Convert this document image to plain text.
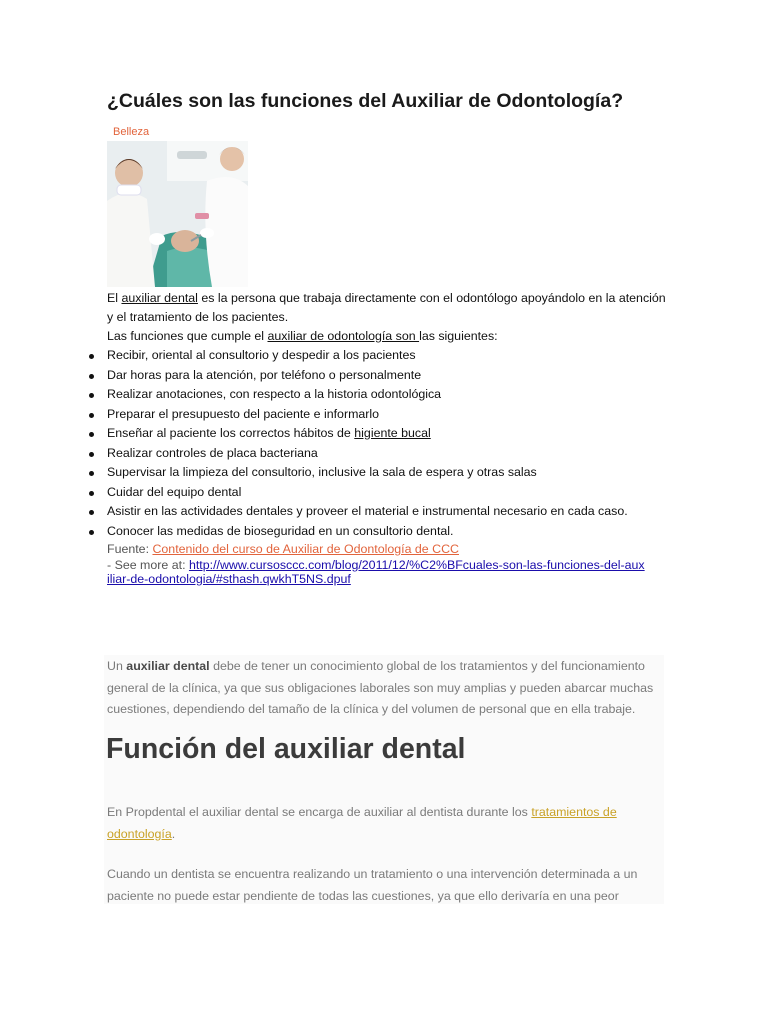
¿Cuáles son las funciones del Auxiliar de Odontología?
Belleza

El auxiliar dental es la persona que trabaja directamente con el odontólogo apoyándolo en la atención y el tratamiento de los pacientes.

Las funciones que cumple el auxiliar de odontología son las siguientes:

Recibir, oriental al consultorio y despedir a los pacientes
Dar horas para la atención, por teléfono o personalmente
Realizar anotaciones, con respecto a la historia odontológica
Preparar el presupuesto del paciente e informarlo
Enseñar al paciente los correctos hábitos de higiente bucal
Realizar controles de placa bacteriana
Supervisar la limpieza del consultorio, inclusive la sala de espera y otras salas
Cuidar del equipo dental
Asistir en las actividades dentales y proveer el material e instrumental necesario en cada caso.
Conocer las medidas de bioseguridad en un consultorio dental.
Fuente: Contenido del curso de Auxiliar de Odontología de CCC
- See more at: http://www.cursosccc.com/blog/2011/12/%C2%BFcuales-son-las-funciones-del-auxiliar-de-odontologia/#sthash.qwkhT5NS.dpuf

Un auxiliar dental debe de tener un conocimiento global de los tratamientos y del funcionamiento general de la clínica, ya que sus obligaciones laborales son muy amplias y pueden abarcar muchas cuestiones, dependiendo del tamaño de la clínica y del volumen de personal que en ella trabaje.

Función del auxiliar dental

En Propdental el auxiliar dental se encarga de auxiliar al dentista durante los tratamientos de odontología.

Cuando un dentista se encuentra realizando un tratamiento o una intervención determinada a un paciente no puede estar pendiente de todas las cuestiones, ya que ello derivaría en una peor
